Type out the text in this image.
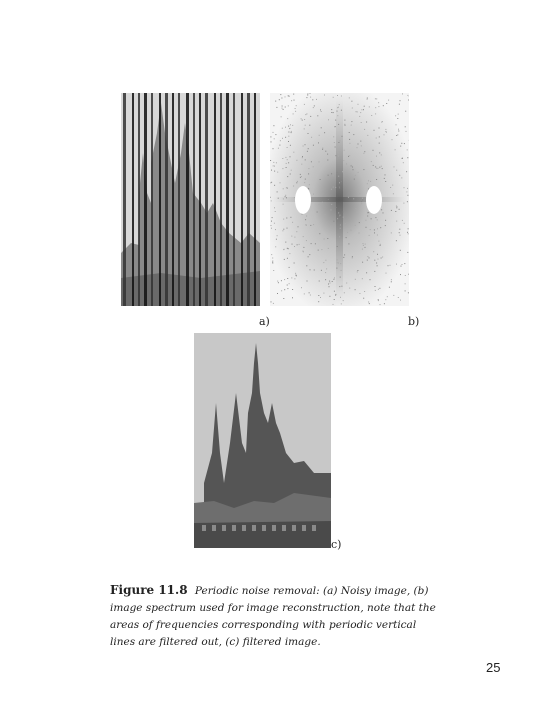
a)	b)
c)
Figure 11.8 Periodic noise removal: (a) Noisy image, (b) image spectrum used for image reconstruction, note that the areas of frequencies corresponding with periodic vertical lines are filtered out, (c) filtered image.
25
